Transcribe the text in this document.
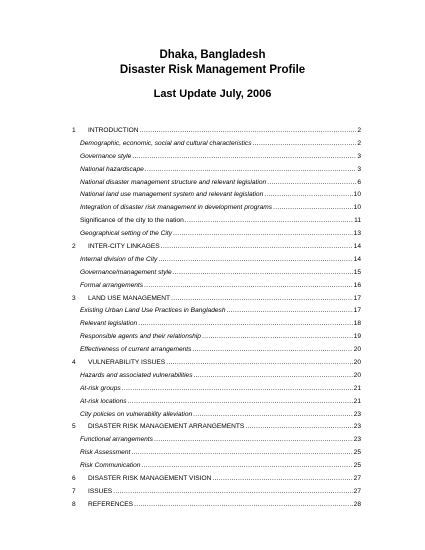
Dhaka, Bangladesh
Disaster Risk Management Profile
Last Update July, 2006
1	INTRODUCTION .....	2
Demographic, economic, social and cultural characteristics .....	2
Governance style .....	3
National hazardscape .....	3
National disaster management structure and relevant legislation .....	6
National land use management system and relevant legislation .....	10
Integration of disaster risk management in development programs .....	10
Significance of the city to the nation .....	11
Geographical setting of the City .....	13
2	INTER-CITY LINKAGES .....	14
Internal division of the City .....	14
Governance/management style .....	15
Formal arrangements .....	16
3	LAND USE MANAGEMENT .....	17
Existing Urban Land Use Practices in Bangladesh .....	17
Relevant legislation .....	18
Responsible agents and their relationship .....	19
Effectiveness of current arrangements .....	20
4	VULNERABILITY ISSUES .....	20
Hazards and associated vulnerabilities .....	20
At-risk groups .....	21
At-risk locations .....	21
City policies on vulnerability alleviation .....	23
5	DISASTER RISK MANAGEMENT ARRANGEMENTS .....	23
Functional arrangements .....	23
Risk Assessment .....	25
Risk Communication .....	25
6	DISASTER RISK MANAGEMENT VISION .....	27
7	ISSUES .....	27
8	REFERENCES .....	28
